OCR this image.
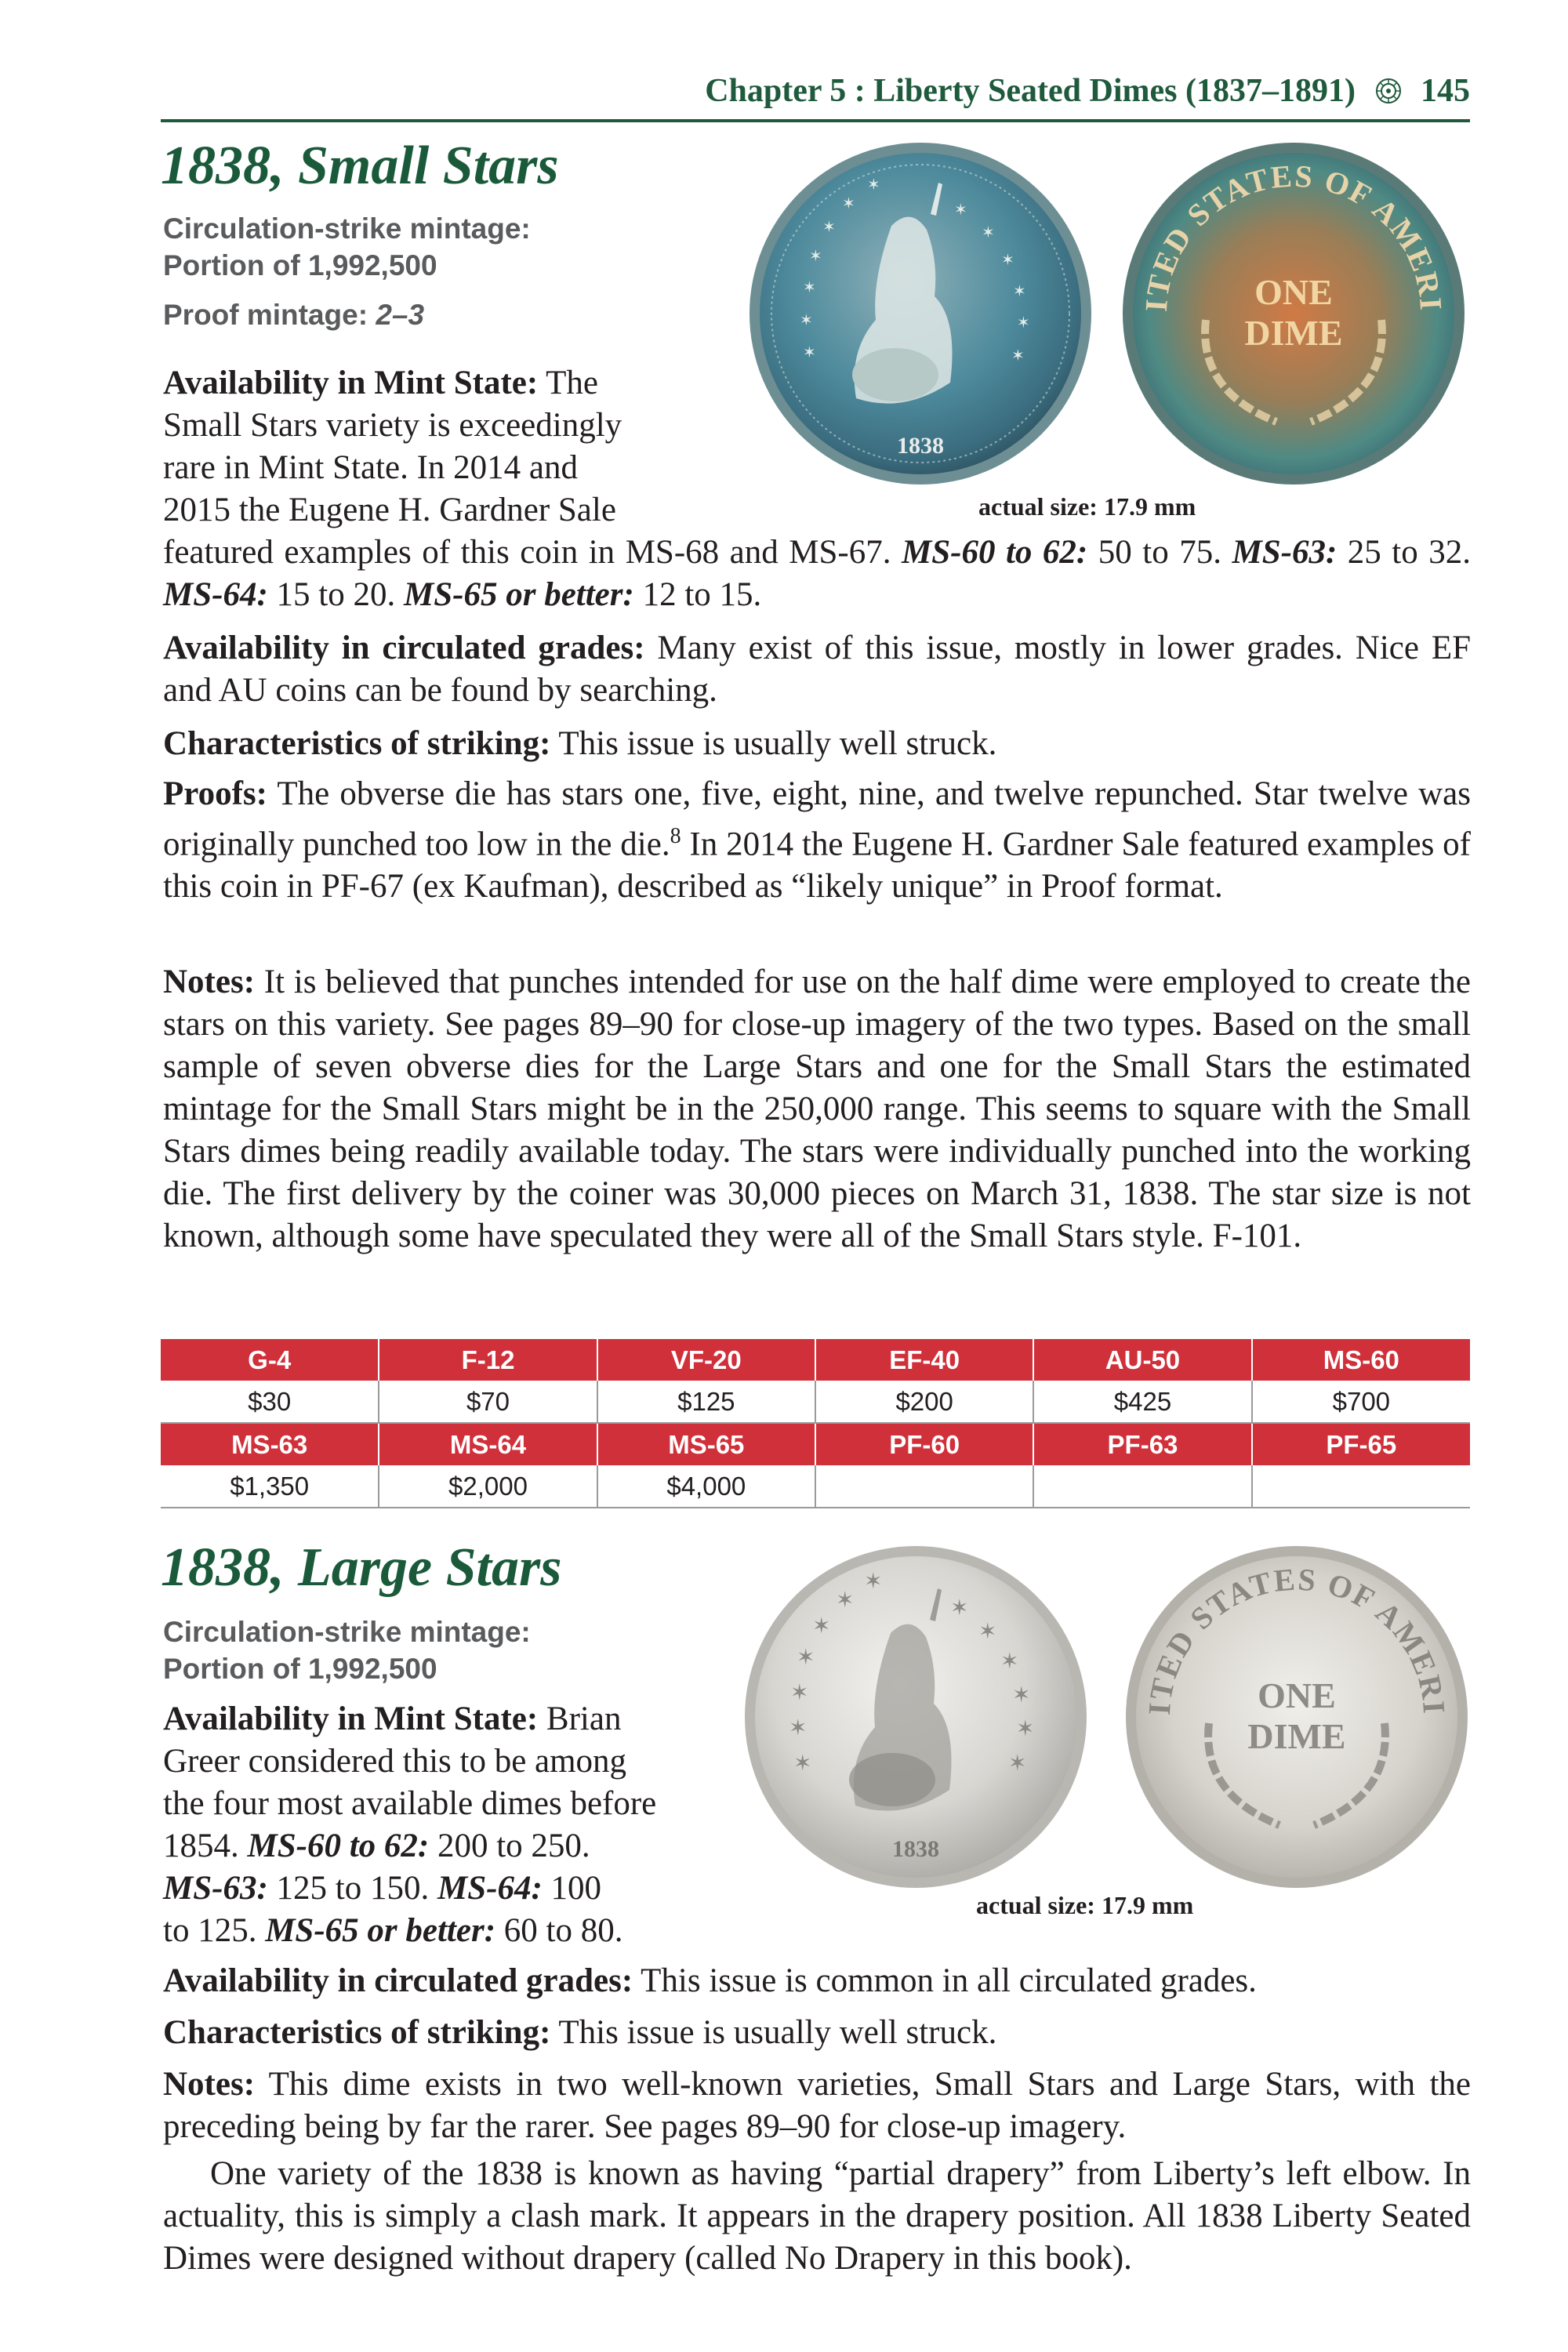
Chapter 5 : Liberty Seated Dimes (1837–1891) 145
1838, Small Stars
Circulation-strike mintage:
Portion of 1,992,500
Proof mintage: 2–3
✶
✶
✶
✶
✶
✶
✶
✶
✶
✶
✶
✶
✶
1838
ITED STATES OF AMERI
ONE
DIME
actual size: 17.9 mm
Availability in Mint State: The
Small Stars variety is exceedingly
rare in Mint State. In 2014 and
2015 the Eugene H. Gardner Sale
featured examples of this coin in MS-68 and MS-67. MS-60 to 62: 50 to 75. MS-63: 25 to 32. MS-64: 15 to 20. MS-65 or better: 12 to 15.
Availability in circulated grades: Many exist of this issue, mostly in lower grades. Nice EF and AU coins can be found by searching.
Characteristics of striking: This issue is usually well struck.
Proofs: The obverse die has stars one, five, eight, nine, and twelve repunched. Star twelve was originally punched too low in the die.$^8$ In 2014 the Eugene H. Gardner Sale featured examples of this coin in PF-67 (ex Kaufman), described as “likely unique” in Proof format.
Notes: It is believed that punches intended for use on the half dime were employed to create the stars on this variety. See pages 89–90 for close-up imagery of the two types. Based on the small sample of seven obverse dies for the Large Stars and one for the Small Stars the estimated mintage for the Small Stars might be in the 250,000 range. This seems to square with the Small Stars dimes being readily available today. The stars were individually punched into the working die. The first delivery by the coiner was 30,000 pieces on March 31, 1838. The star size is not known, although some have speculated they were all of the Small Stars style. F-101.
G-4	F-12	VF-20	EF-40	AU-50	MS-60
$30	$70	$125	$200	$425	$700
MS-63	MS-64	MS-65	PF-60	PF-63	PF-65
$1,350	$2,000	$4,000			
1838, Large Stars
Circulation-strike mintage:
Portion of 1,992,500
✶
✶
✶
✶
✶
✶
✶
✶
✶
✶
✶
✶
✶
1838
ITED STATES OF AMERI
ONE
DIME
actual size: 17.9 mm
Availability in Mint State: Brian
Greer considered this to be among
the four most available dimes before
1854. MS-60 to 62: 200 to 250.
MS-63: 125 to 150. MS-64: 100
to 125. MS-65 or better: 60 to 80.
Availability in circulated grades: This issue is common in all circulated grades.
Characteristics of striking: This issue is usually well struck.
Notes: This dime exists in two well-known varieties, Small Stars and Large Stars, with the preceding being by far the rarer. See pages 89–90 for close-up imagery.
One variety of the 1838 is known as having “partial drapery” from Liberty’s left elbow. In actuality, this is simply a clash mark. It appears in the drapery position. All 1838 Liberty Seated Dimes were designed without drapery (called No Drapery in this book).
